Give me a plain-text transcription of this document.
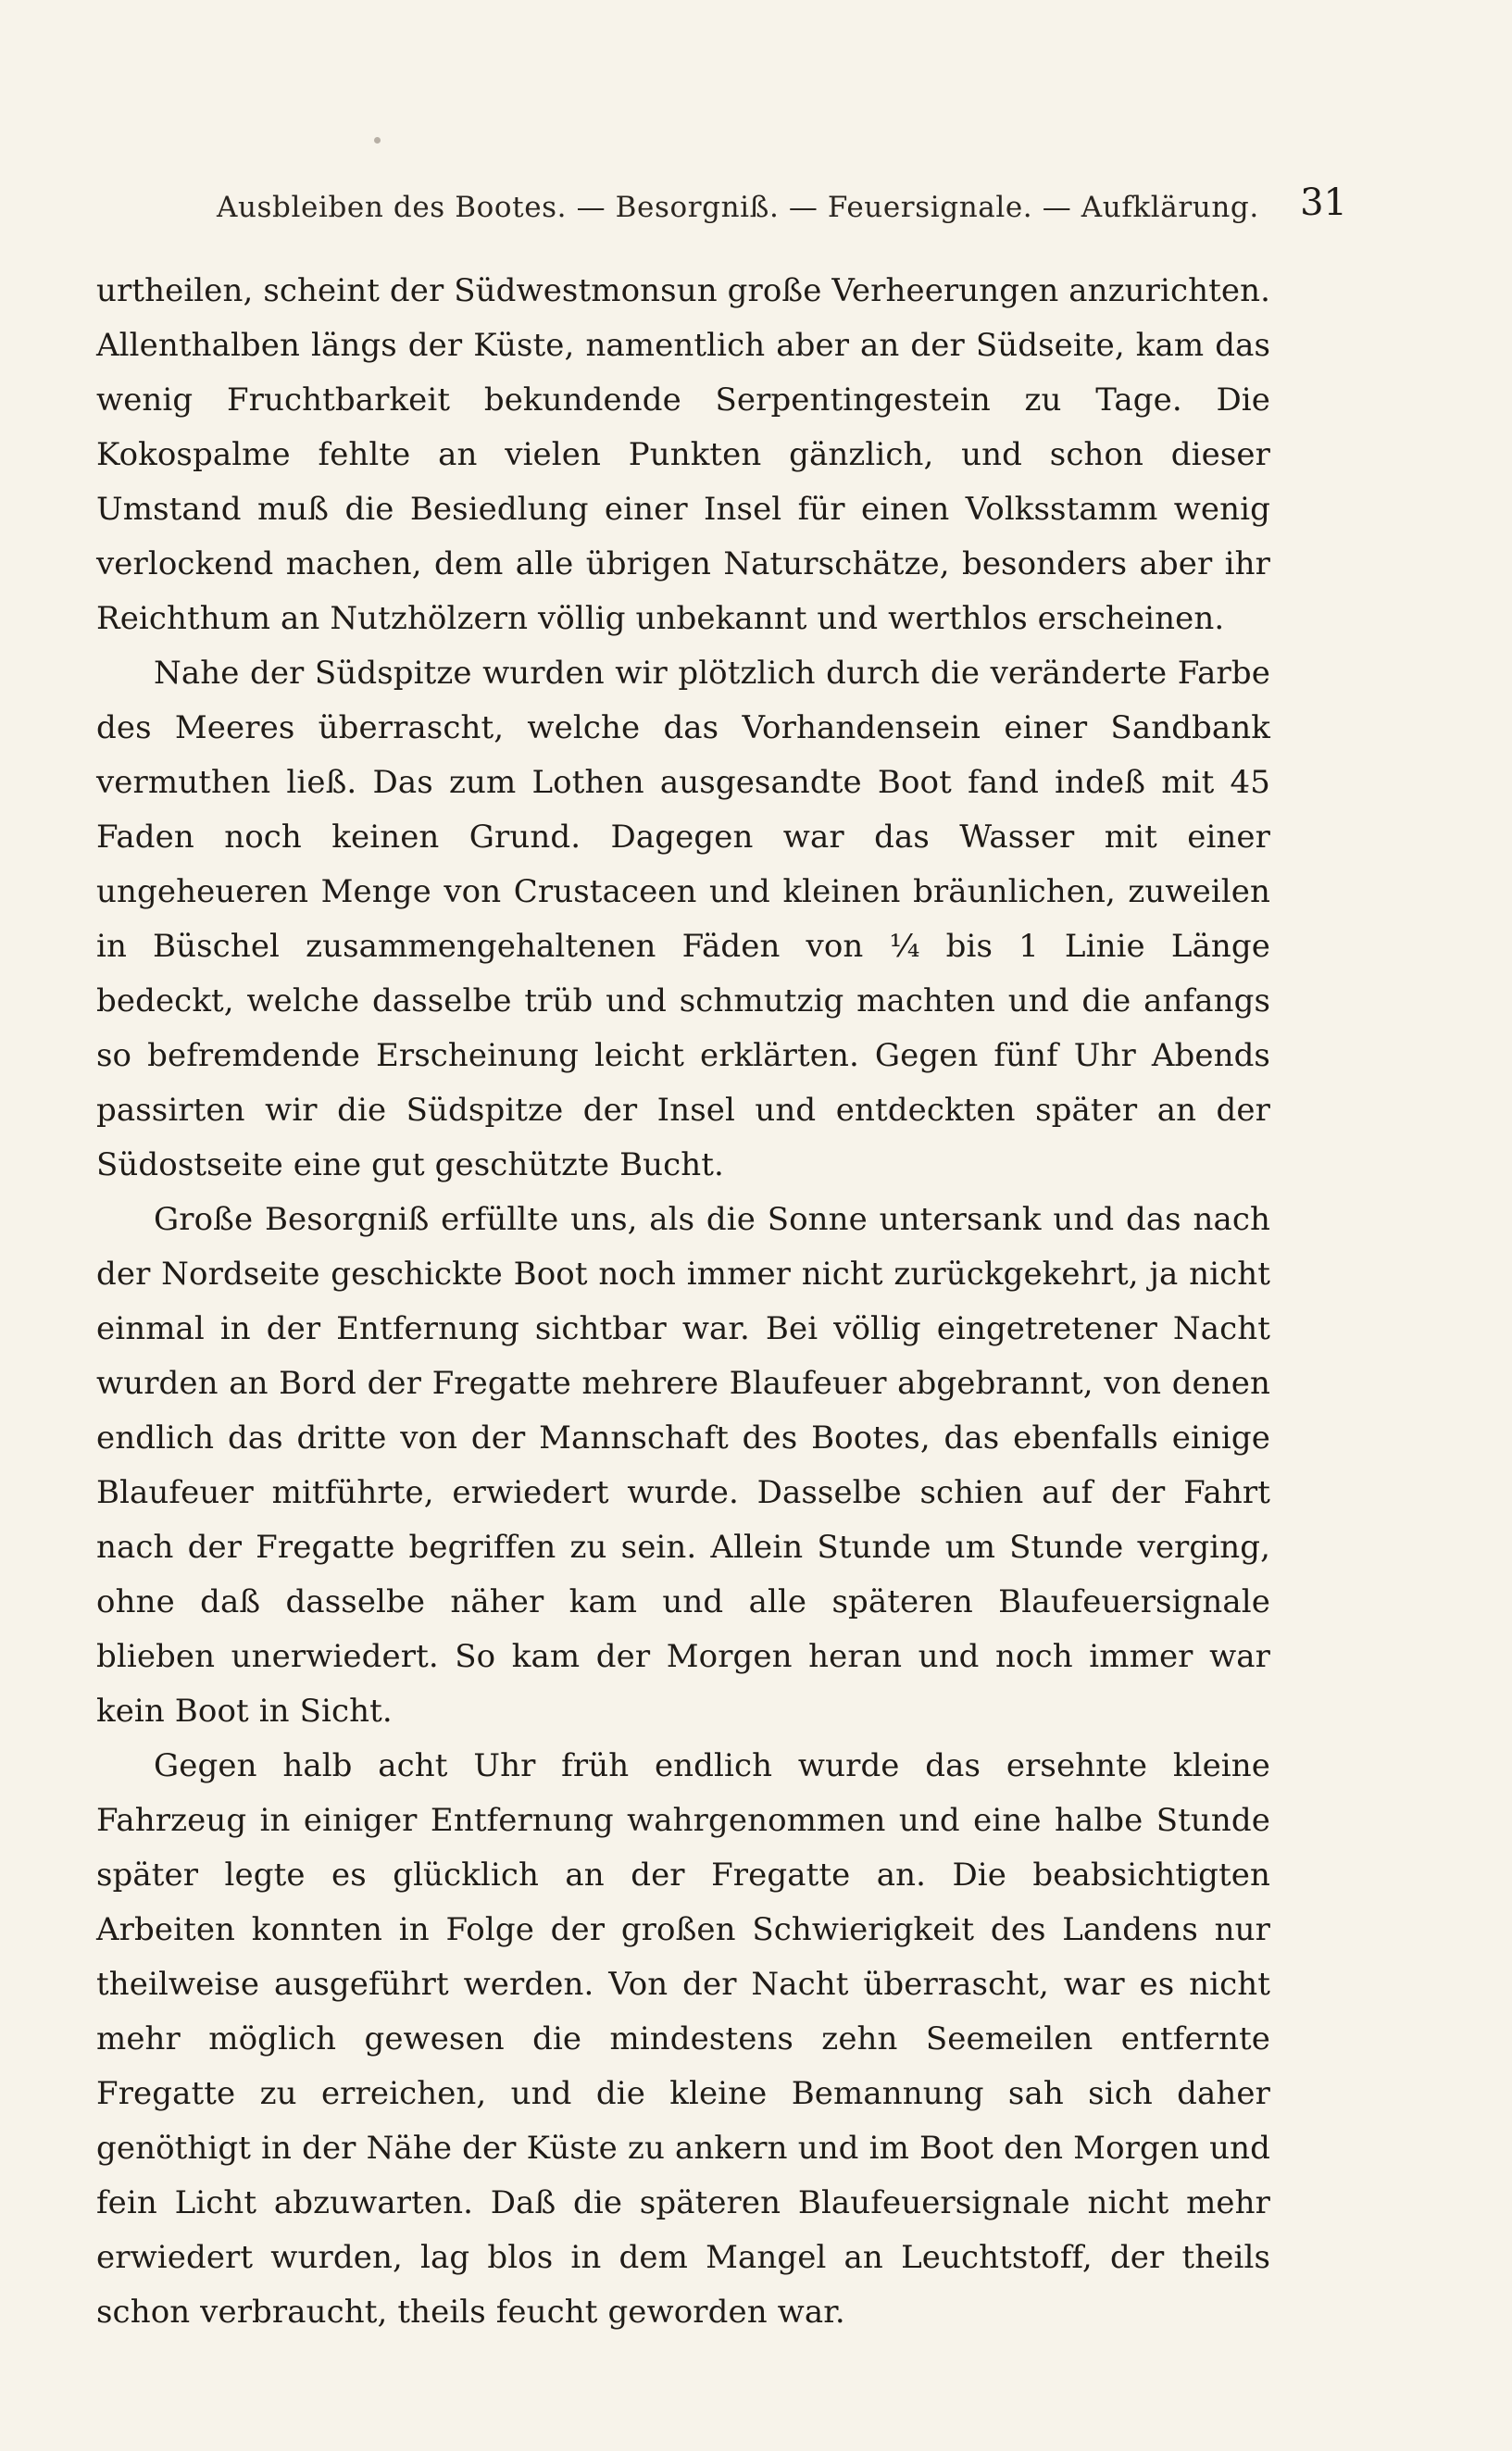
Ausbleiben des Bootes. — Besorgniß. — Feuersignale. — Aufklärung. 31

urtheilen, scheint der Südwestmonsun große Verheerungen anzurichten. Allenthalben längs der Küste, namentlich aber an der Südseite, kam das wenig Fruchtbarkeit bekundende Serpentingestein zu Tage. Die Kokospalme fehlte an vielen Punkten gänzlich, und schon dieser Umstand muß die Besiedlung einer Insel für einen Volksstamm wenig verlockend machen, dem alle übrigen Naturschätze, besonders aber ihr Reichthum an Nutzhölzern völlig unbekannt und werthlos erscheinen.

Nahe der Südspitze wurden wir plötzlich durch die veränderte Farbe des Meeres überrascht, welche das Vorhandensein einer Sandbank vermuthen ließ. Das zum Lothen ausgesandte Boot fand indeß mit 45 Faden noch keinen Grund. Dagegen war das Wasser mit einer ungeheueren Menge von Crustaceen und kleinen bräunlichen, zuweilen in Büschel zusammengehaltenen Fäden von ¼ bis 1 Linie Länge bedeckt, welche dasselbe trüb und schmutzig machten und die anfangs so befremdende Erscheinung leicht erklärten. Gegen fünf Uhr Abends passirten wir die Südspitze der Insel und entdeckten später an der Südostseite eine gut geschützte Bucht.

Große Besorgniß erfüllte uns, als die Sonne untersank und das nach der Nordseite geschickte Boot noch immer nicht zurückgekehrt, ja nicht einmal in der Entfernung sichtbar war. Bei völlig eingetretener Nacht wurden an Bord der Fregatte mehrere Blaufeuer abgebrannt, von denen endlich das dritte von der Mannschaft des Bootes, das ebenfalls einige Blaufeuer mitführte, erwiedert wurde. Dasselbe schien auf der Fahrt nach der Fregatte begriffen zu sein. Allein Stunde um Stunde verging, ohne daß dasselbe näher kam und alle späteren Blaufeuersignale blieben unerwiedert. So kam der Morgen heran und noch immer war kein Boot in Sicht.

Gegen halb acht Uhr früh endlich wurde das ersehnte kleine Fahrzeug in einiger Entfernung wahrgenommen und eine halbe Stunde später legte es glücklich an der Fregatte an. Die beabsichtigten Arbeiten konnten in Folge der großen Schwierigkeit des Landens nur theilweise ausgeführt werden. Von der Nacht überrascht, war es nicht mehr möglich gewesen die mindestens zehn Seemeilen entfernte Fregatte zu erreichen, und die kleine Bemannung sah sich daher genöthigt in der Nähe der Küste zu ankern und im Boot den Morgen und fein Licht abzuwarten. Daß die späteren Blaufeuersignale nicht mehr erwiedert wurden, lag blos in dem Mangel an Leuchtstoff, der theils schon verbraucht, theils feucht geworden war.
